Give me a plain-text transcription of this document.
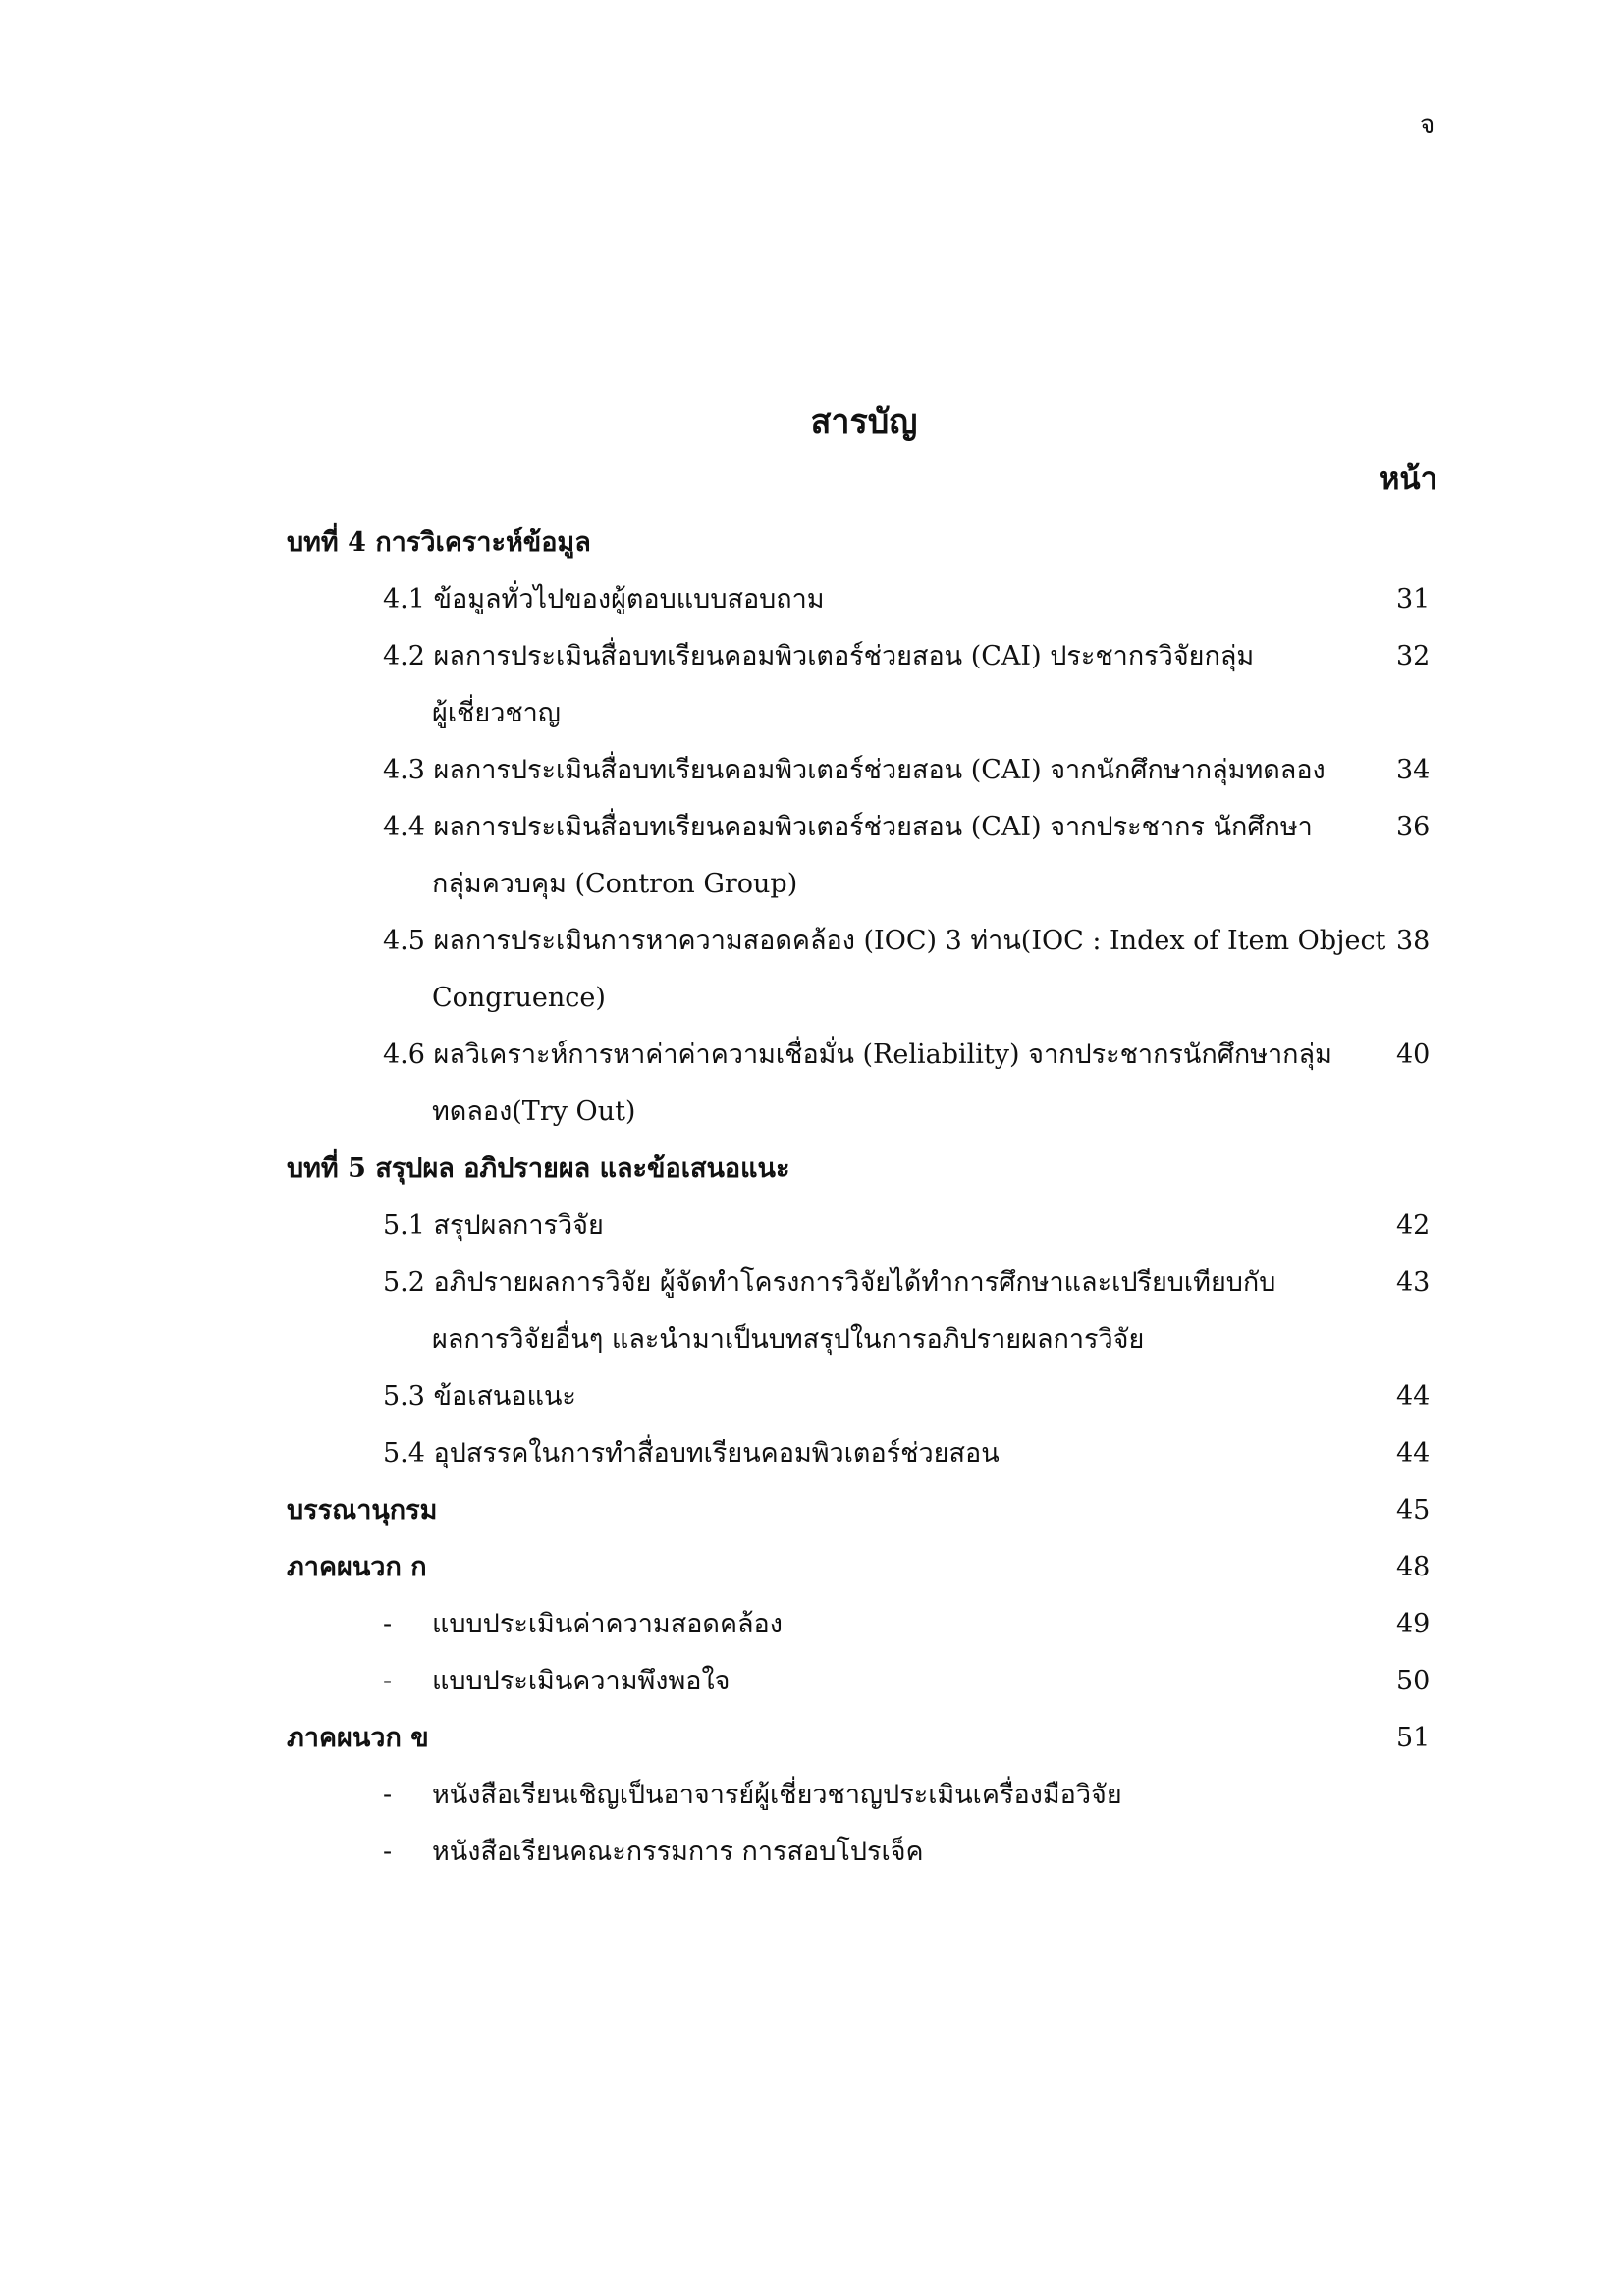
จ
สารบัญ
หน้า
บทที่ 4 การวิเคราะห์ข้อมูล
4.1 ข้อมูลทั่วไปของผู้ตอบแบบสอบถาม	31
4.2 ผลการประเมินสื่อบทเรียนคอมพิวเตอร์ช่วยสอน (CAI) ประชากรวิจัยกลุ่ม	32
ผู้เชี่ยวชาญ
4.3 ผลการประเมินสื่อบทเรียนคอมพิวเตอร์ช่วยสอน (CAI) จากนักศึกษากลุ่มทดลอง	34
4.4 ผลการประเมินสื่อบทเรียนคอมพิวเตอร์ช่วยสอน (CAI) จากประชากร นักศึกษา	36
กลุ่มควบคุม (Contron Group)
4.5 ผลการประเมินการหาความสอดคล้อง (IOC) 3 ท่าน(IOC : Index of Item Object 38
Congruence)
4.6 ผลวิเคราะห์การหาค่าค่าความเชื่อมั่น (Reliability) จากประชากรนักศึกษากลุ่ม 40
ทดลอง(Try Out)
บทที่ 5 สรุปผล อภิปรายผล และข้อเสนอแนะ
5.1 สรุปผลการวิจัย	42
5.2 อภิปรายผลการวิจัย ผู้จัดทำโครงการวิจัยได้ทำการศึกษาและเปรียบเทียบกับ	43
ผลการวิจัยอื่นๆ และนำมาเป็นบทสรุปในการอภิปรายผลการวิจัย
5.3 ข้อเสนอแนะ	44
5.4 อุปสรรคในการทำสื่อบทเรียนคอมพิวเตอร์ช่วยสอน	44
บรรณานุกรม	45
ภาคผนวก ก	48
- แบบประเมินค่าความสอดคล้อง	49
- แบบประเมินความพึงพอใจ	50
ภาคผนวก ข	51
- หนังสือเรียนเชิญเป็นอาจารย์ผู้เชี่ยวชาญประเมินเครื่องมือวิจัย
- หนังสือเรียนคณะกรรมการ การสอบโปรเจ็ค
